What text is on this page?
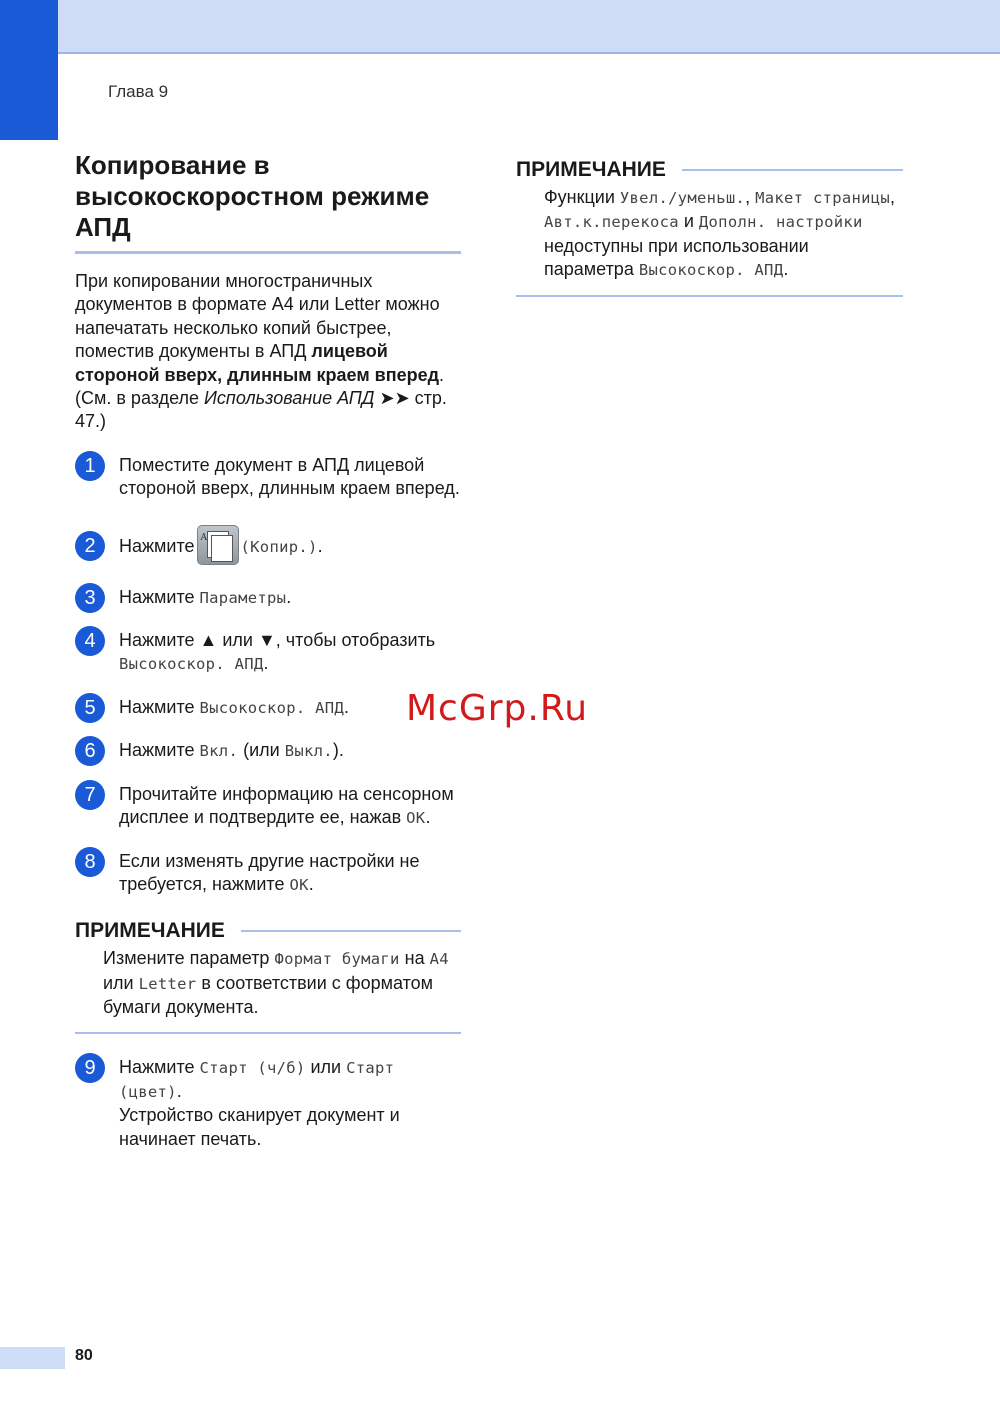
Глава 9
Копирование в высокоскоростном режиме АПД

При копировании многостраничных документов в формате A4 или Letter можно напечатать несколько копий быстрее, поместив документы в АПД лицевой стороной вверх, длинным краем вперед. (См. в разделе Использование АПД ➤➤ стр. 47.)

1	Поместите документ в АПД лицевой стороной вверх, длинным краем вперед.
2	Нажмите A (Копир.).
3	Нажмите Параметры.
4	Нажмите ▲ или ▼, чтобы отобразить Высокоскор. АПД.
5	Нажмите Высокоскор. АПД.
6	Нажмите Вкл. (или Выкл.).
7	Прочитайте информацию на сенсорном дисплее и подтвердите ее, нажав OK.
8	Если изменять другие настройки не требуется, нажмите OK.
ПРИМЕЧАНИЕ
Измените параметр Формат бумаги на A4 или Letter в соответствии с форматом бумаги документа.
9	Нажмите Старт (ч/б) или Старт (цвет).
Устройство сканирует документ и начинает печать.
ПРИМЕЧАНИЕ
Функции Увел./уменьш., Макет страницы, Авт.к.перекоса и Дополн. настройки недоступны при использовании параметра Высокоскор. АПД.
McGrp.Ru
80
